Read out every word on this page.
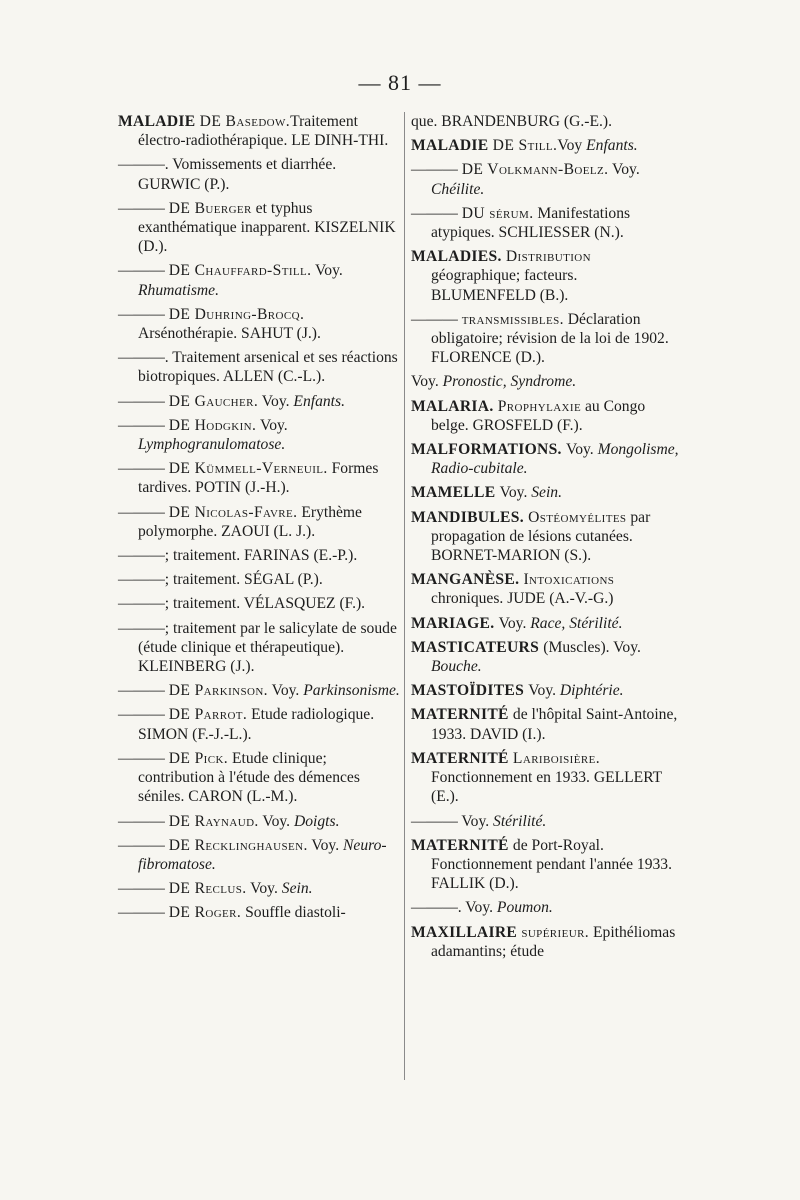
— 81 —
MALADIE DE Basedow.Traitement électro-radiothérapique. LE DINH-THI.
———. Vomissements et diarrhée. GURWIC (P.).
——— DE Buerger et typhus exanthématique inapparent. KISZELNIK (D.).
——— DE Chauffard-Still. Voy. Rhumatisme.
——— DE Duhring-Brocq. Arsénothérapie. SAHUT (J.).
———. Traitement arsenical et ses réactions biotropiques. ALLEN (C.-L.).
——— DE Gaucher. Voy. Enfants.
——— DE Hodgkin. Voy. Lymphogranulomatose.
——— DE Kümmell-Verneuil. Formes tardives. POTIN (J.-H.).
——— DE Nicolas-Favre. Erythème polymorphe. ZAOUI (L. J.).
———; traitement. FARINAS (E.-P.).
———; traitement. SÉGAL (P.).
———; traitement. VÉLASQUEZ (F.).
———; traitement par le salicylate de soude (étude clinique et thérapeutique). KLEINBERG (J.).
——— DE Parkinson. Voy. Parkinsonisme.
——— DE Parrot. Etude radiologique. SIMON (F.-J.-L.).
——— DE Pick. Etude clinique; contribution à l'étude des démences séniles. CARON (L.-M.).
——— DE Raynaud. Voy. Doigts.
——— DE Recklinghausen. Voy. Neuro-fibromatose.
——— DE Reclus. Voy. Sein.
——— DE Roger. Souffle diastoli-
que. BRANDENBURG (G.-E.).
MALADIE DE Still.Voy Enfants.
——— DE Volkmann-Boelz. Voy. Chéilite.
——— DU sérum. Manifestations atypiques. SCHLIESSER (N.).
MALADIES. Distribution géographique; facteurs. BLUMENFELD (B.).
——— transmissibles. Déclaration obligatoire; révision de la loi de 1902. FLORENCE (D.).
Voy. Pronostic, Syndrome.
MALARIA. Prophylaxie au Congo belge. GROSFELD (F.).
MALFORMATIONS. Voy. Mongolisme, Radio-cubitale.
MAMELLE Voy. Sein.
MANDIBULES. Ostéomyélites par propagation de lésions cutanées. BORNET-MARION (S.).
MANGANÈSE. Intoxications chroniques. JUDE (A.-V.-G.)
MARIAGE. Voy. Race, Stérilité.
MASTICATEURS (Muscles). Voy. Bouche.
MASTOÏDITES Voy. Diphtérie.
MATERNITÉ de l'hôpital Saint-Antoine, 1933. DAVID (I.).
MATERNITÉ Lariboisière. Fonctionnement en 1933. GELLERT (E.).
——— Voy. Stérilité.
MATERNITÉ de Port-Royal. Fonctionnement pendant l'année 1933. FALLIK (D.).
———. Voy. Poumon.
MAXILLAIRE supérieur. Epithéliomas adamantins; étude
